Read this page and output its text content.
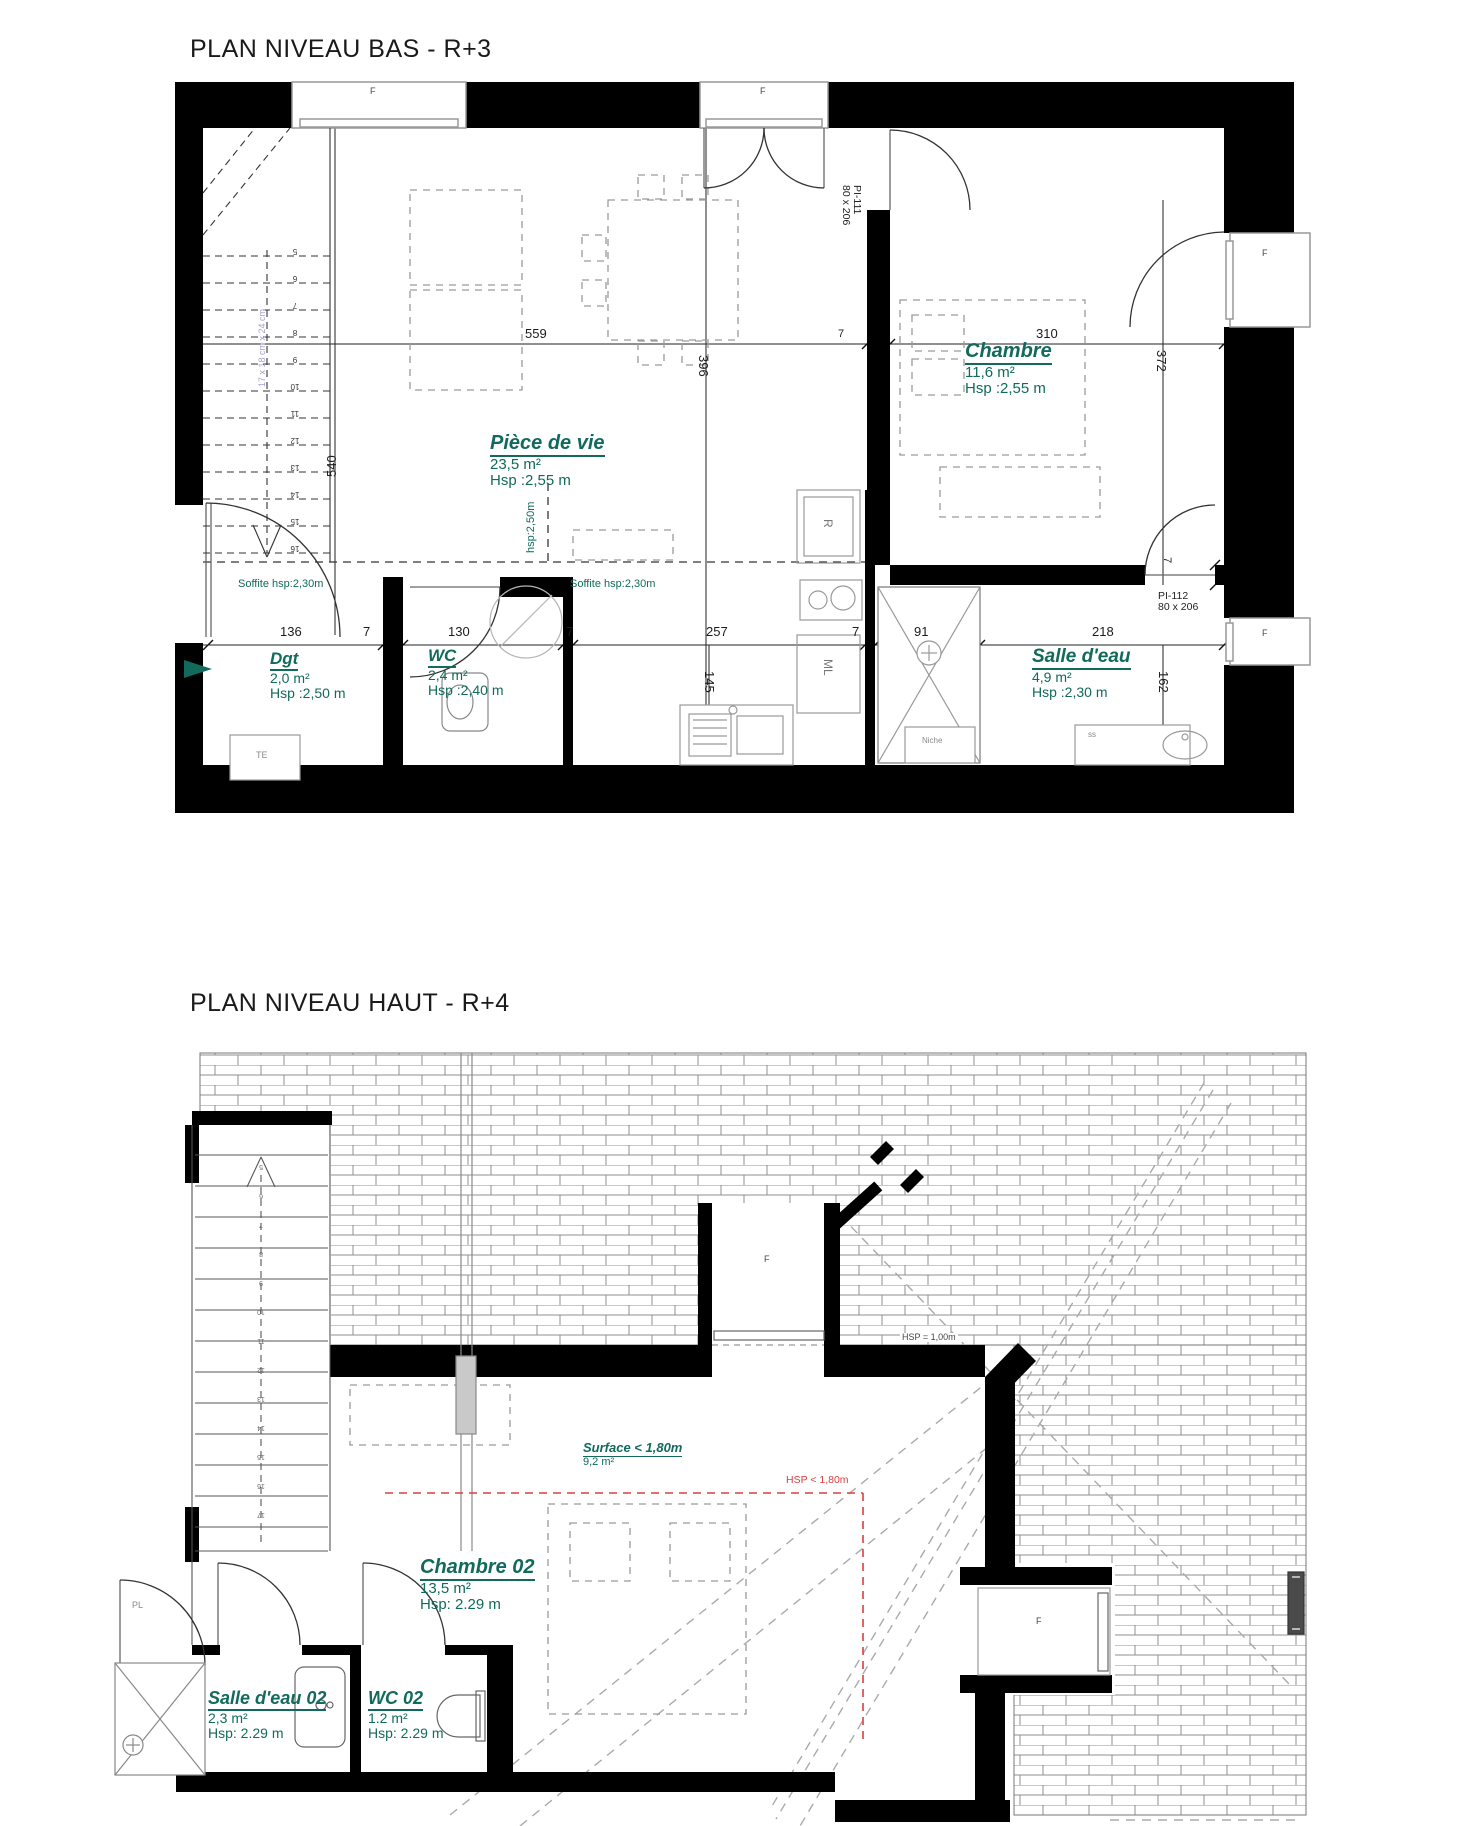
PLAN NIVEAU BAS - R+3
PLAN NIVEAU HAUT - R+4
Pièce de vie
23,5 m²
Hsp :2,55 m
Chambre
11,6 m²
Hsp :2,55 m
Dgt
2,0 m²
Hsp :2,50 m
WC
2,4 m²
Hsp :2,40 m
Salle d'eau
4,9 m²
Hsp :2,30 m
Soffite hsp:2,30m	Soffite hsp:2,30m
hsp:2,50m
PI-111
80 x 206
PI-112
80 x 206
559	7	310
396
540
372
136	7	130	7	257	7	91	218
145	162
7
F	F
F
F
R
ML
TE
Niche
ss
17 x 18 cm x 24 cm
5
6
7
8
9
10
11
12
13
14
15
16
Chambre 02
13,5 m²
Hsp: 2.29 m
Salle d'eau 02
2,3 m²
Hsp: 2.29 m
WC 02
1.2 m²
Hsp: 2.29 m
Surface < 1,80m
9,2 m²
HSP < 1,80m
HSP = 1,00m
PL
F
F
5
6
7
8
9
10
11
12
13
14
15
16
17
